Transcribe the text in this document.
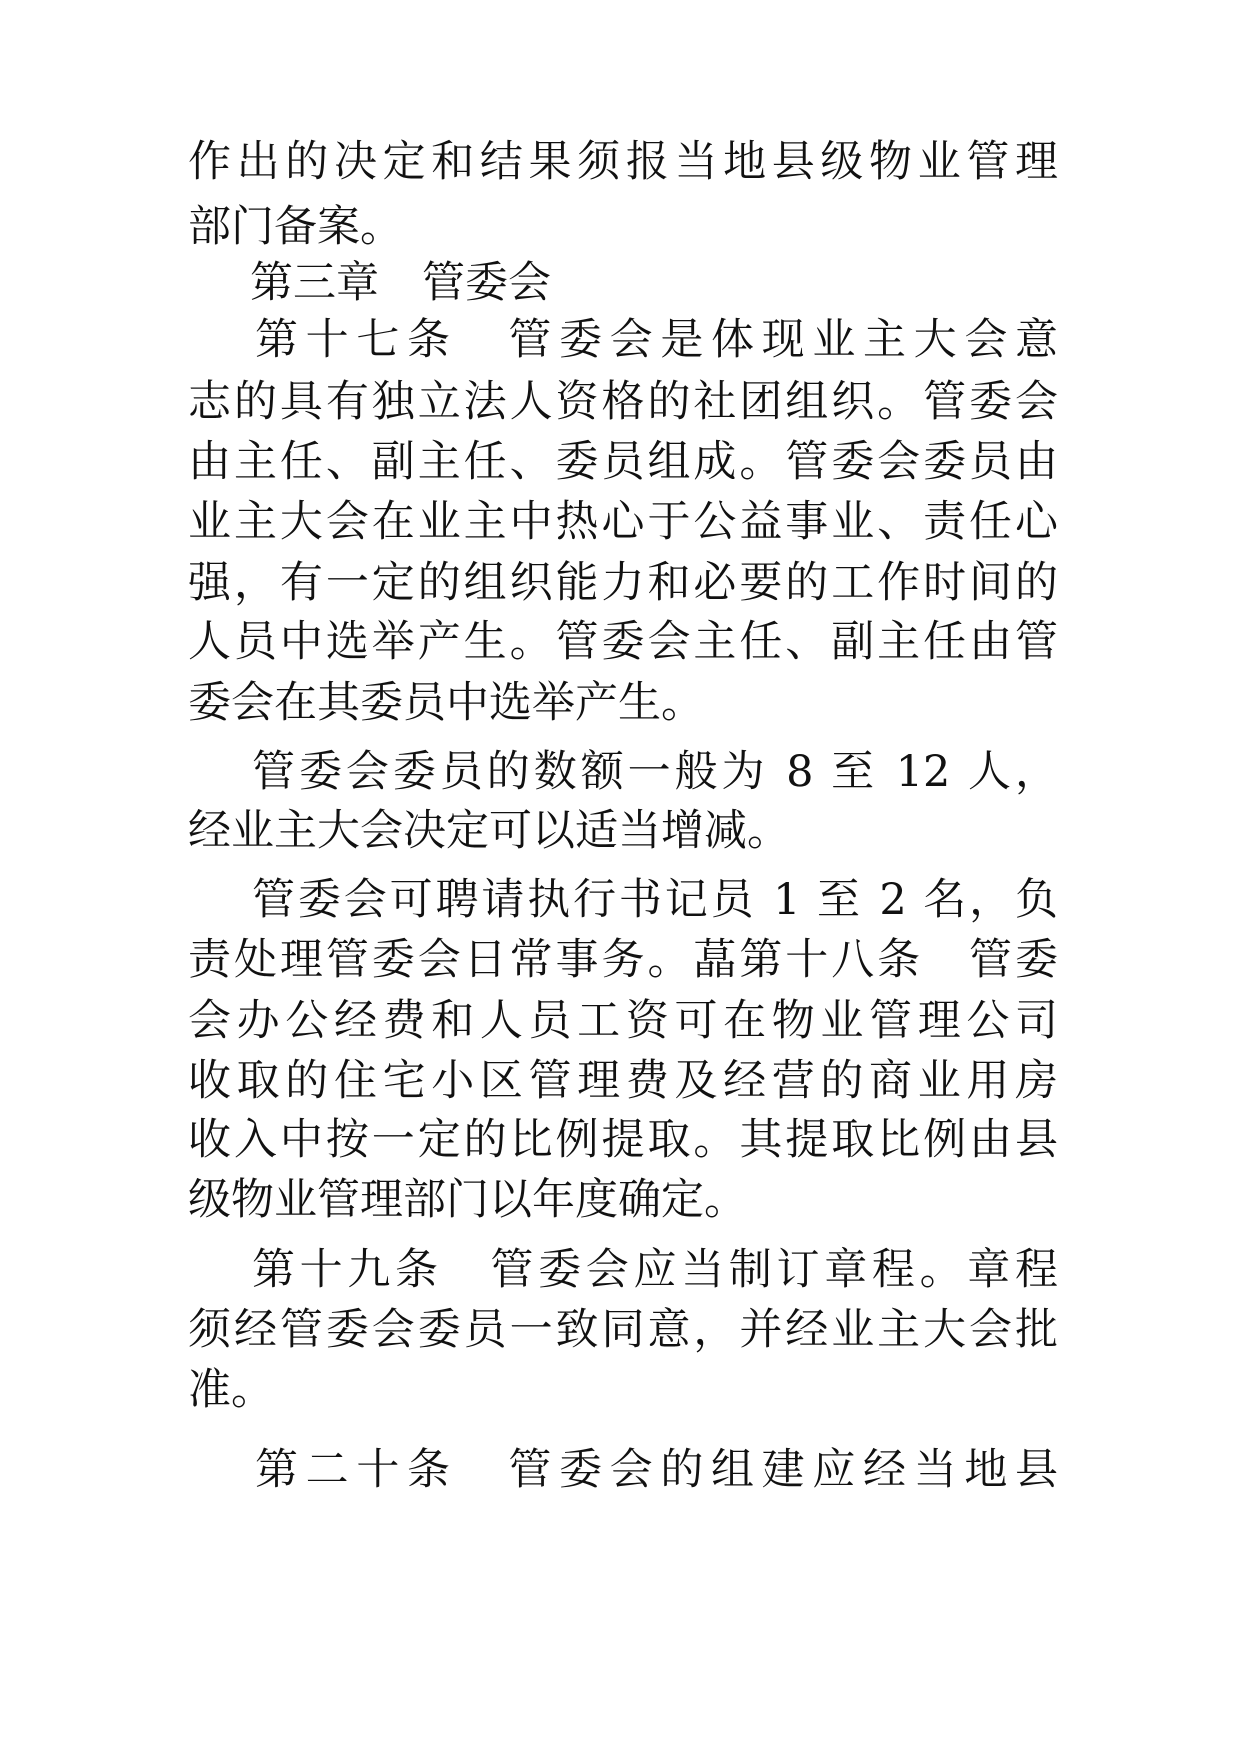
作出的决定和结果须报当地县级物业管理
部门备案。
第三章　管委会
第十七条　管委会是体现业主大会意
志的具有独立法人资格的社团组织。管委会
由主任、副主任、委员组成。管委会委员由
业主大会在业主中热心于公益事业、责任心
强，有一定的组织能力和必要的工作时间的
人员中选举产生。管委会主任、副主任由管
委会在其委员中选举产生。
管委会委员的数额一般为 8 至 12 人，
经业主大会决定可以适当增减。
管委会可聘请执行书记员 1 至 2 名，负
责处理管委会日常事务。蕌第十八条　管委
会办公经费和人员工资可在物业管理公司
收取的住宅小区管理费及经营的商业用房
收入中按一定的比例提取。其提取比例由县
级物业管理部门以年度确定。
第十九条　管委会应当制订章程。章程
须经管委会委员一致同意，并经业主大会批
准。
第二十条　管委会的组建应经当地县
